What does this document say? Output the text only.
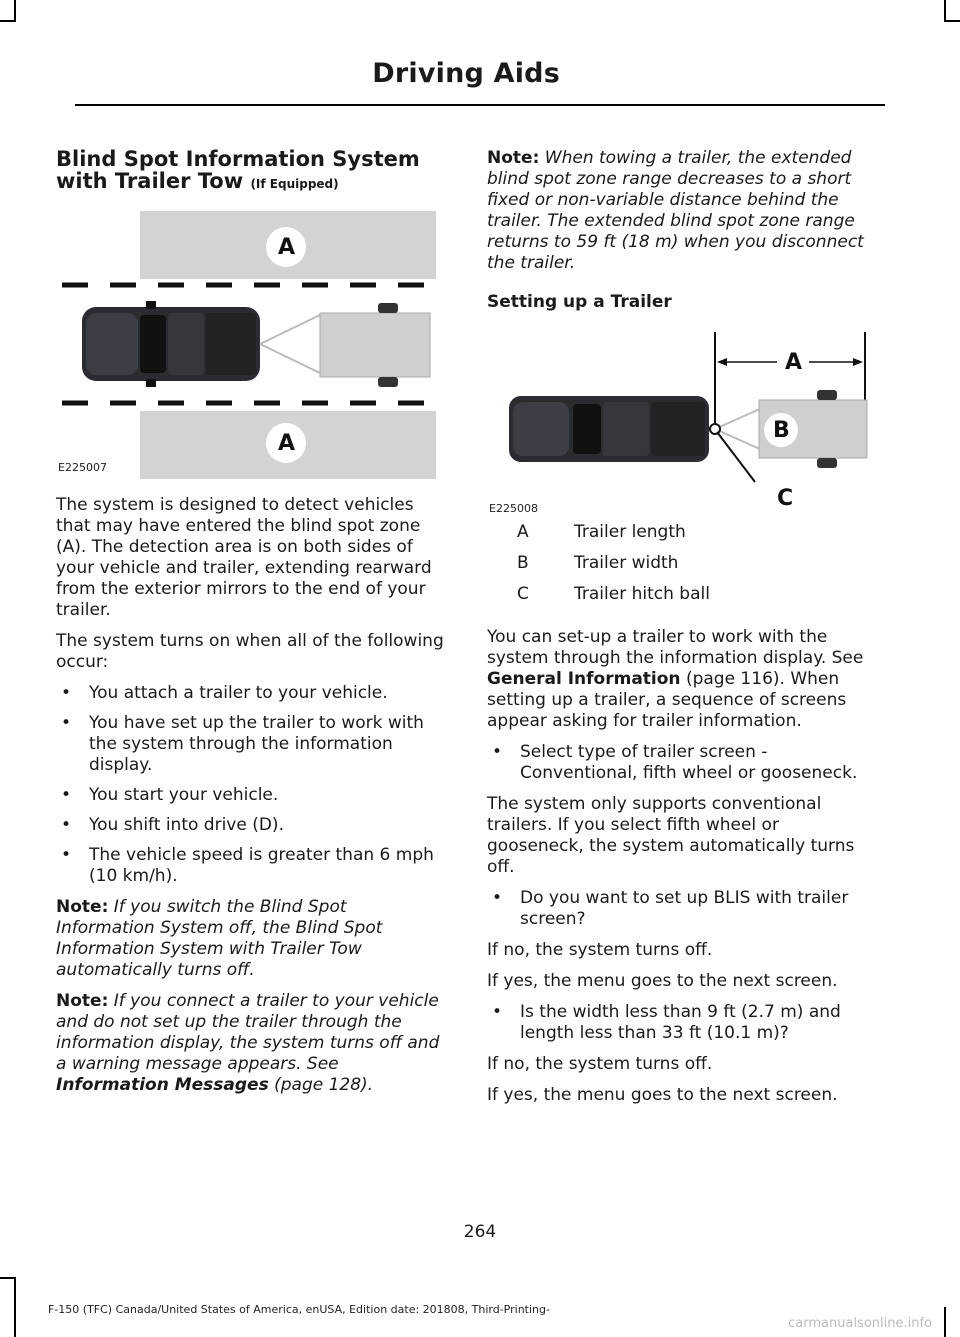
Driving Aids
Blind Spot Information System with Trailer Tow (If Equipped)
A
A
E225007

The system is designed to detect vehicles that may have entered the blind spot zone (A). The detection area is on both sides of your vehicle and trailer, extending rearward from the exterior mirrors to the end of your trailer.

The system turns on when all of the following occur:

• You attach a trailer to your vehicle.
• You have set up the trailer to work with the system through the information display.
• You start your vehicle.
• You shift into drive (D).
• The vehicle speed is greater than 6 mph (10 km/h).

Note: If you switch the Blind Spot Information System off, the Blind Spot Information System with Trailer Tow automatically turns off.

Note: If you connect a trailer to your vehicle and do not set up the trailer through the information display, the system turns off and a warning message appears. See Information Messages (page 128).

Note: When towing a trailer, the extended blind spot zone range decreases to a short fixed or non-variable distance behind the trailer. The extended blind spot zone range returns to 59 ft (18 m) when you disconnect the trailer.

Setting up a Trailer
A
B
C
E225008
A	Trailer length
B	Trailer width
C	Trailer hitch ball

You can set-up a trailer to work with the system through the information display. See General Information (page 116). When setting up a trailer, a sequence of screens appear asking for trailer information.

• Select type of trailer screen - Conventional, fifth wheel or gooseneck.

The system only supports conventional trailers. If you select fifth wheel or gooseneck, the system automatically turns off.

• Do you want to set up BLIS with trailer screen?

If no, the system turns off.

If yes, the menu goes to the next screen.

• Is the width less than 9 ft (2.7 m) and length less than 33 ft (10.1 m)?

If no, the system turns off.

If yes, the menu goes to the next screen.

264
F-150 (TFC) Canada/United States of America, enUSA, Edition date: 201808, Third-Printing-
carmanualsonline.info
